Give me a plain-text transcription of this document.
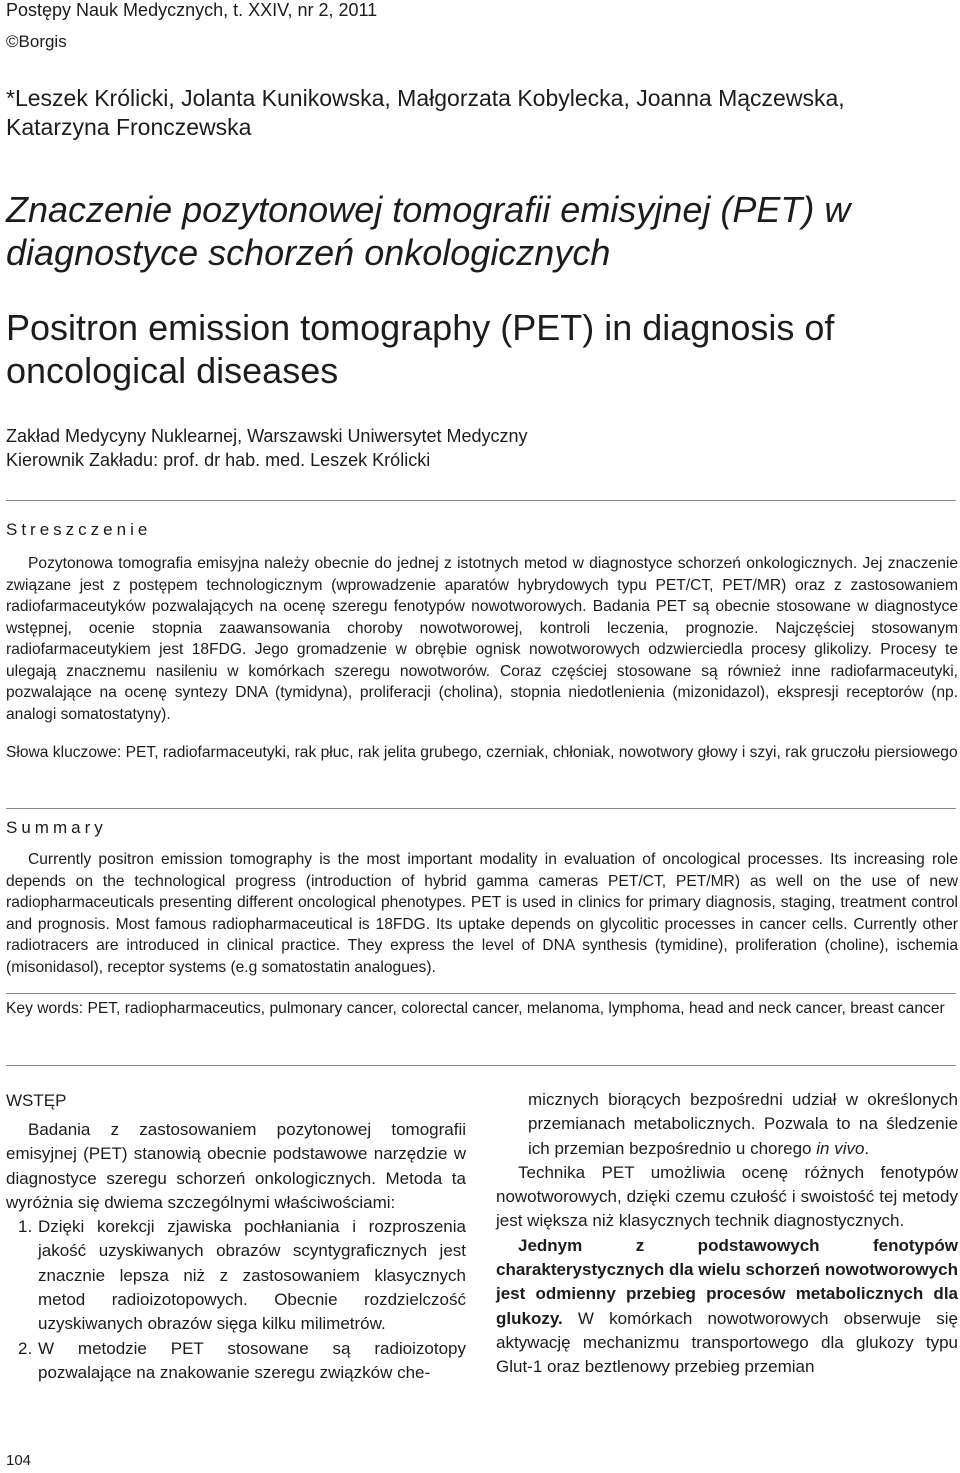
Postępy Nauk Medycznych, t. XXIV, nr 2, 2011
©Borgis
*Leszek Królicki, Jolanta Kunikowska, Małgorzata Kobylecka, Joanna Mączewska, Katarzyna Fronczewska
Znaczenie pozytonowej tomografii emisyjnej (PET) w diagnostyce schorzeń onkologicznych
Positron emission tomography (PET) in diagnosis of oncological diseases
Zakład Medycyny Nuklearnej, Warszawski Uniwersytet Medyczny
Kierownik Zakładu: prof. dr hab. med. Leszek Królicki
Streszczenie

Pozytonowa tomografia emisyjna należy obecnie do jednej z istotnych metod w diagnostyce schorzeń onkologicznych. Jej znaczenie związane jest z postępem technologicznym (wprowadzenie aparatów hybrydowych typu PET/CT, PET/MR) oraz z zastosowaniem radiofarmaceutyków pozwalających na ocenę szeregu fenotypów nowotworowych. Badania PET są obecnie stosowane w diagnostyce wstępnej, ocenie stopnia zaawansowania choroby nowotworowej, kontroli leczenia, prognozie. Najczęściej stosowanym radiofarmaceutykiem jest 18FDG. Jego gromadzenie w obrębie ognisk nowotworowych odzwierciedla procesy glikolizy. Procesy te ulegają znacznemu nasileniu w komórkach szeregu nowotworów. Coraz częściej stosowane są również inne radiofarmaceutyki, pozwalające na ocenę syntezy DNA (tymidyna), proliferacji (cholina), stopnia niedotlenienia (mizonidazol), ekspresji receptorów (np. analogi somatostatyny).

Słowa kluczowe: PET, radiofarmaceutyki, rak płuc, rak jelita grubego, czerniak, chłoniak, nowotwory głowy i szyi, rak gruczołu piersiowego

Summary

Currently positron emission tomography is the most important modality in evaluation of oncological processes. Its increasing role depends on the technological progress (introduction of hybrid gamma cameras PET/CT, PET/MR) as well on the use of new radiopharmaceuticals presenting different oncological phenotypes. PET is used in clinics for primary diagnosis, staging, treatment control and prognosis. Most famous radiopharmaceutical is 18FDG. Its uptake depends on glycolitic processes in cancer cells. Currently other radiotracers are introduced in clinical practice. They express the level of DNA synthesis (tymidine), proliferation (choline), ischemia (misonidasol), receptor systems (e.g somatostatin analogues).

Key words: PET, radiopharmaceutics, pulmonary cancer, colorectal cancer, melanoma, lymphoma, head and neck cancer, breast cancer

WSTĘP

Badania z zastosowaniem pozytonowej tomografii emisyjnej (PET) stanowią obecnie podstawowe narzędzie w diagnostyce szeregu schorzeń onkologicznych. Metoda ta wyróżnia się dwiema szczególnymi właściwościami:

1. Dzięki korekcji zjawiska pochłaniania i rozproszenia jakość uzyskiwanych obrazów scyntygraficznych jest znacznie lepsza niż z zastosowaniem klasycznych metod radioizotopowych. Obecnie rozdzielczość uzyskiwanych obrazów sięga kilku milimetrów.
2. W metodzie PET stosowane są radioizotopy pozwalające na znakowanie szeregu związków che-

micznych biorących bezpośredni udział w określonych przemianach metabolicznych. Pozwala to na śledzenie ich przemian bezpośrednio u chorego in vivo.

Technika PET umożliwia ocenę różnych fenotypów nowotworowych, dzięki czemu czułość i swoistość tej metody jest większa niż klasycznych technik diagnostycznych.

Jednym z podstawowych fenotypów charakterystycznych dla wielu schorzeń nowotworowych jest odmienny przebieg procesów metabolicznych dla glukozy. W komórkach nowotworowych obserwuje się aktywację mechanizmu transportowego dla glukozy typu Glut-1 oraz beztlenowy przebieg przemian

104
